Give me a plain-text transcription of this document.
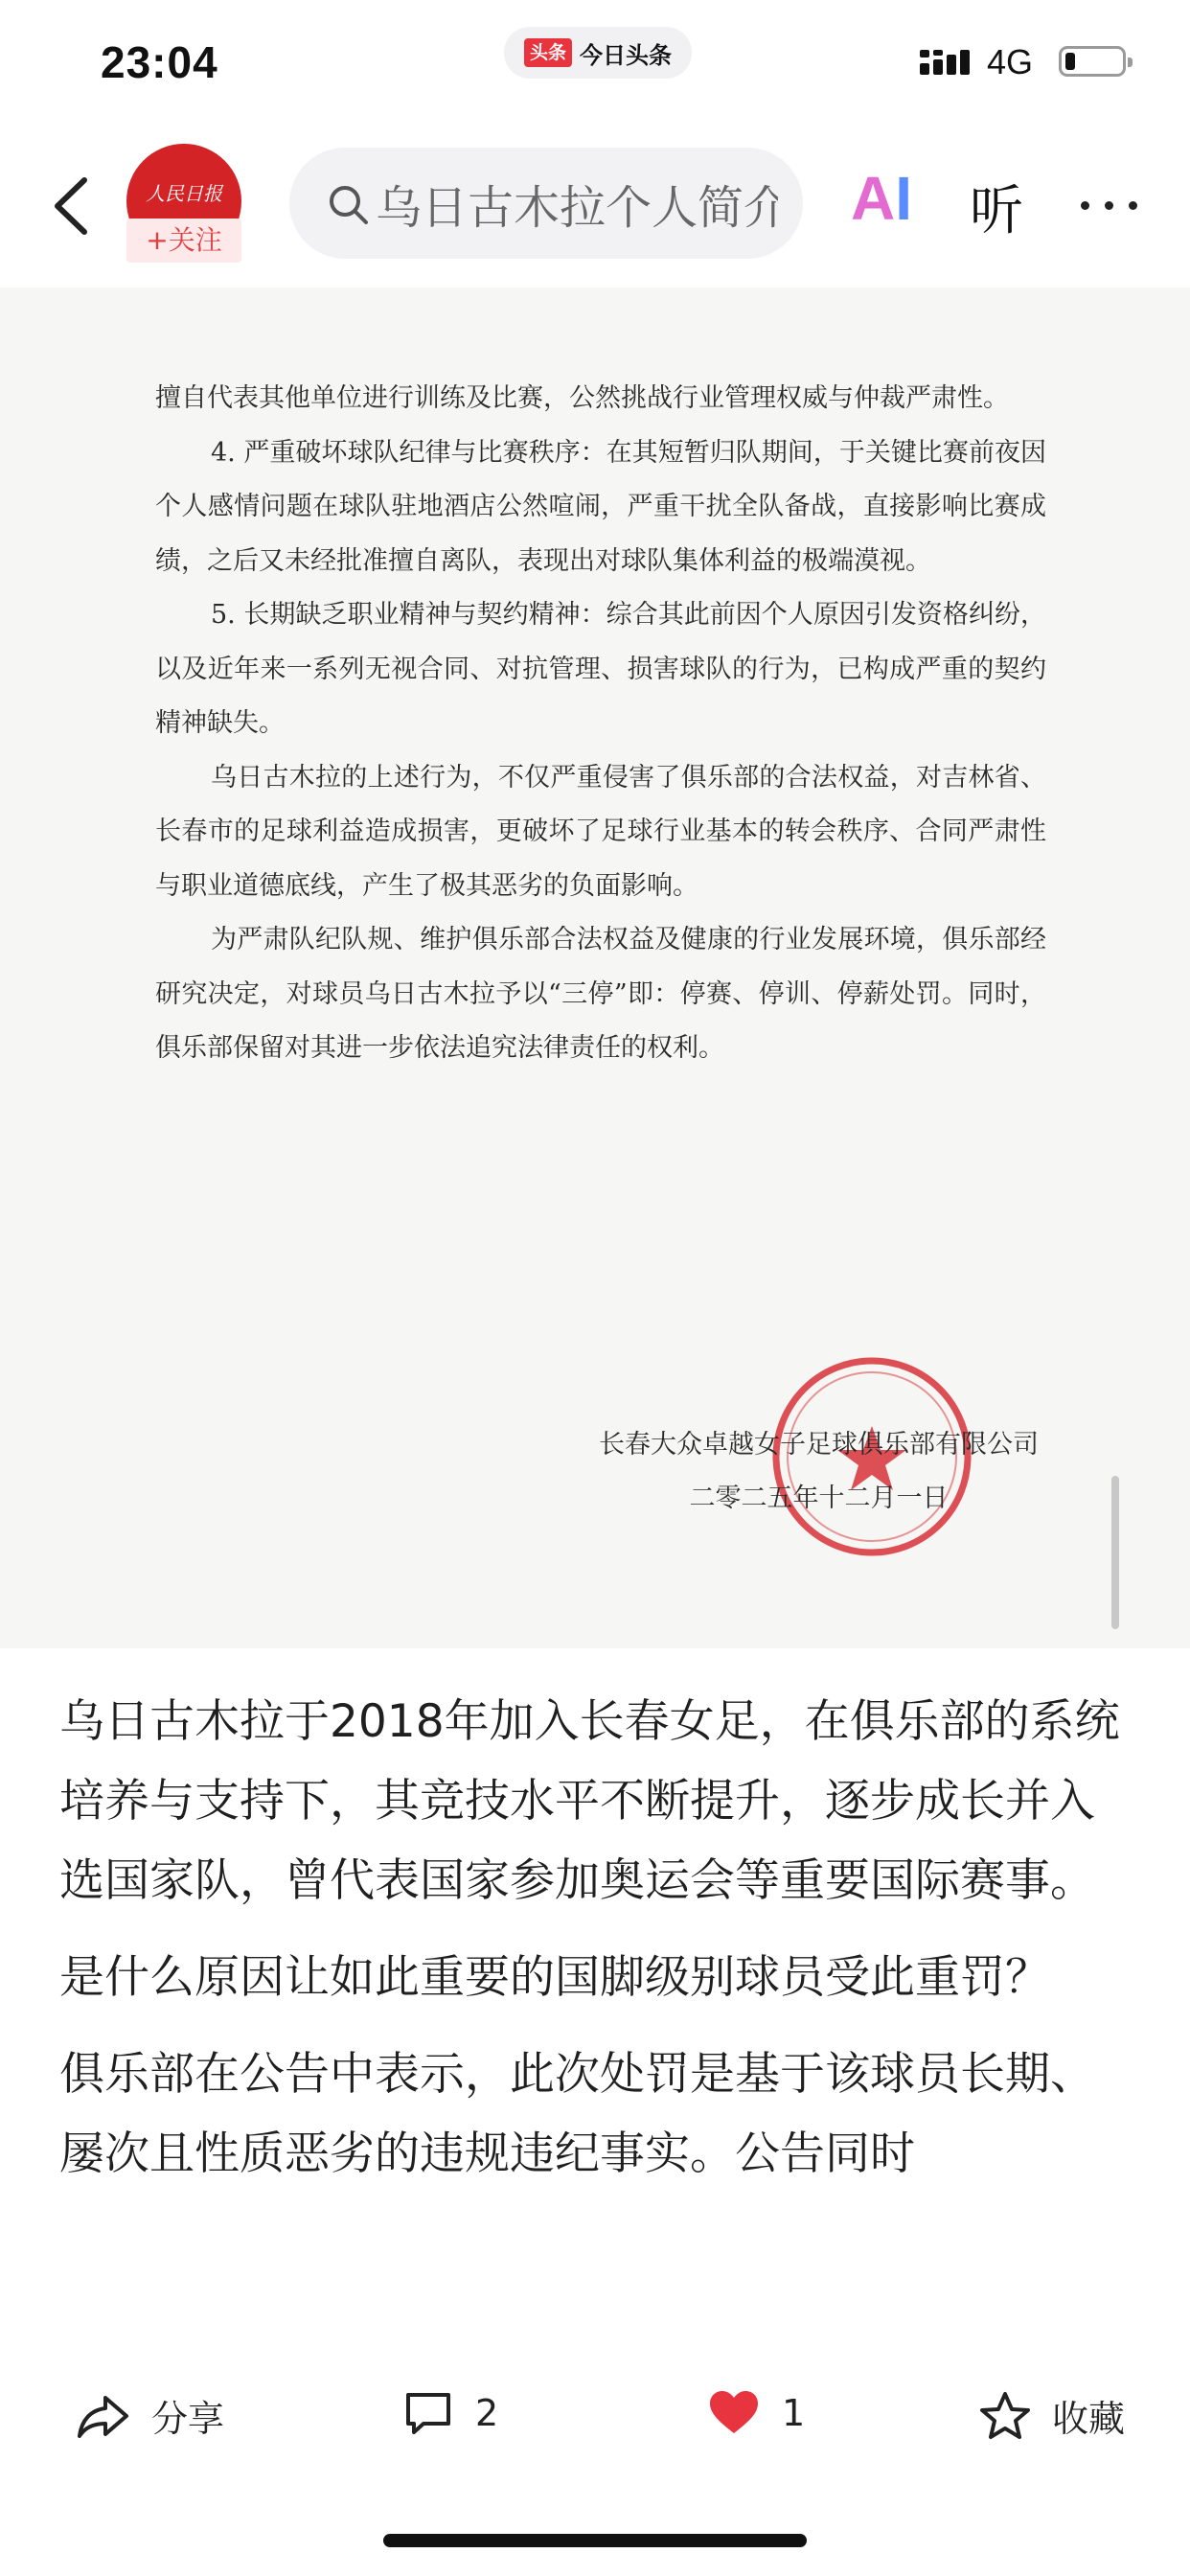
23:04	头条 今日头条	4G
人民日报
+关注
乌日古木拉个人简介
AI 听

擅自代表其他单位进行训练及比赛，公然挑战行业管理权威与仲裁严肃性。

4. 严重破坏球队纪律与比赛秩序：在其短暂归队期间，于关键比赛前夜因个人感情问题在球队驻地酒店公然喧闹，严重干扰全队备战，直接影响比赛成绩，之后又未经批准擅自离队，表现出对球队集体利益的极端漠视。

5. 长期缺乏职业精神与契约精神：综合其此前因个人原因引发资格纠纷，以及近年来一系列无视合同、对抗管理、损害球队的行为，已构成严重的契约精神缺失。

乌日古木拉的上述行为，不仅严重侵害了俱乐部的合法权益，对吉林省、长春市的足球利益造成损害，更破坏了足球行业基本的转会秩序、合同严肃性与职业道德底线，产生了极其恶劣的负面影响。

为严肃队纪队规、维护俱乐部合法权益及健康的行业发展环境，俱乐部经研究决定，对球员乌日古木拉予以“三停”即：停赛、停训、停薪处罚。同时，俱乐部保留对其进一步依法追究法律责任的权利。

长春大众卓越女子足球俱乐部有限公司
二零二五年十二月一日

乌日古木拉于2018年加入长春女足，在俱乐部的系统培养与支持下，其竞技水平不断提升，逐步成长并入选国家队，曾代表国家参加奥运会等重要国际赛事。

是什么原因让如此重要的国脚级别球员受此重罚？

俱乐部在公告中表示，此次处罚是基于该球员长期、屡次且性质恶劣的违规违纪事实。公告同时

分享	2	1	收藏
